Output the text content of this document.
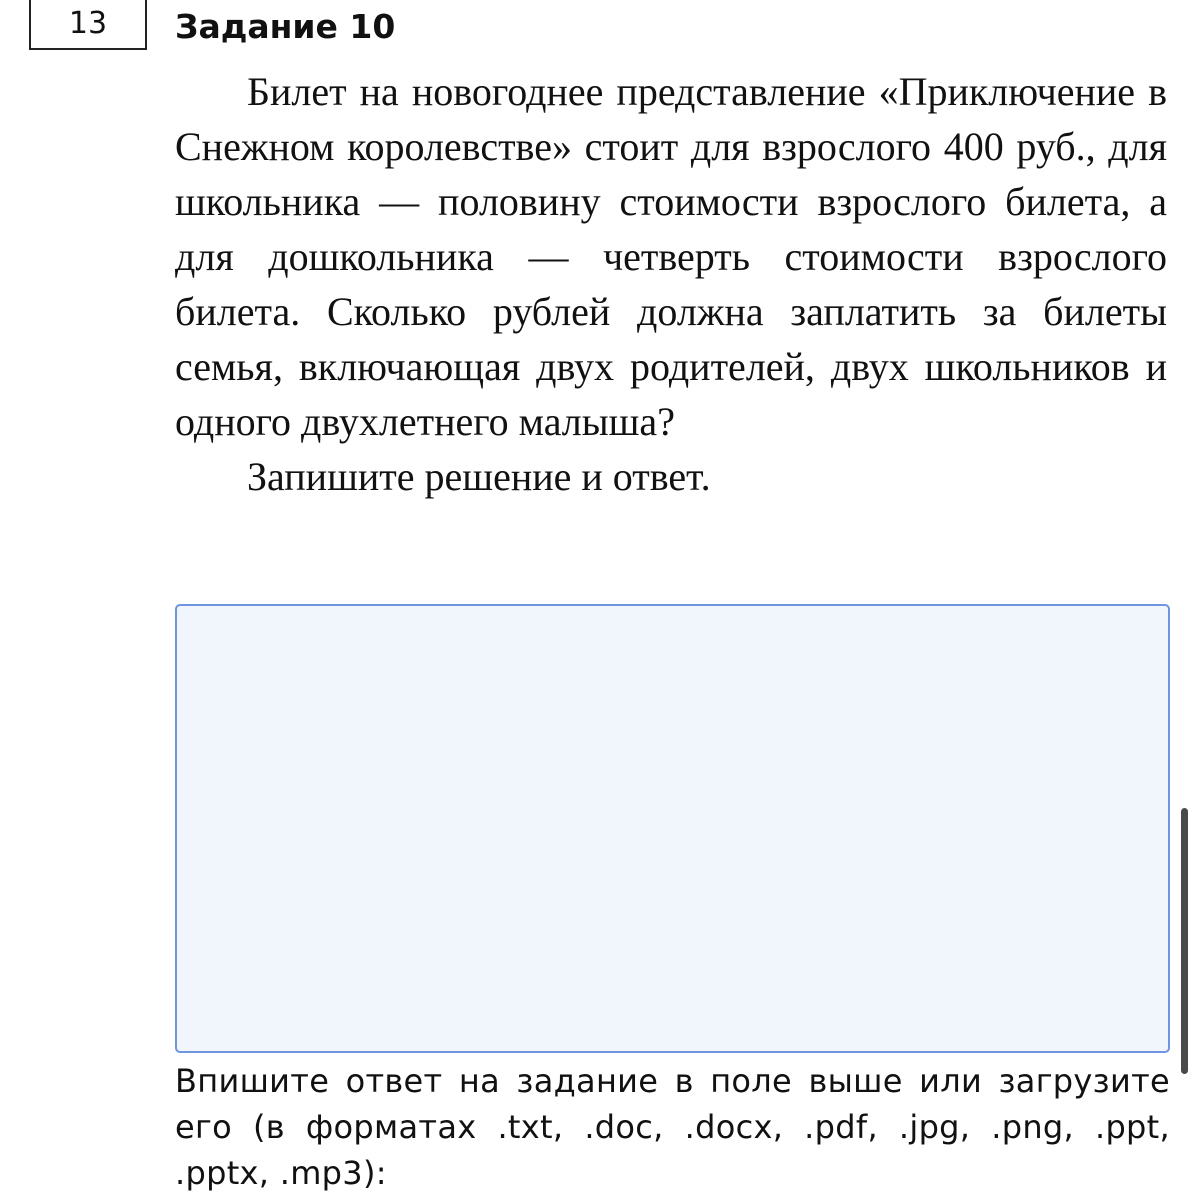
13	Задание 10

Билет на новогоднее представление «Приключение в Снежном королевстве» стоит для взрослого 400 руб., для школьника — половину стоимости взрослого билета, а для дошкольника — четверть стоимости взрослого билета. Сколько рублей должна заплатить за билеты семья, включающая двух родителей, двух школьников и одного двухлетнего малыша?

Запишите решение и ответ.

Впишите ответ на задание в поле выше или загрузите его (в форматах .txt, .doc, .docx, .pdf, .jpg, .png, .ppt, .pptx, .mp3):
